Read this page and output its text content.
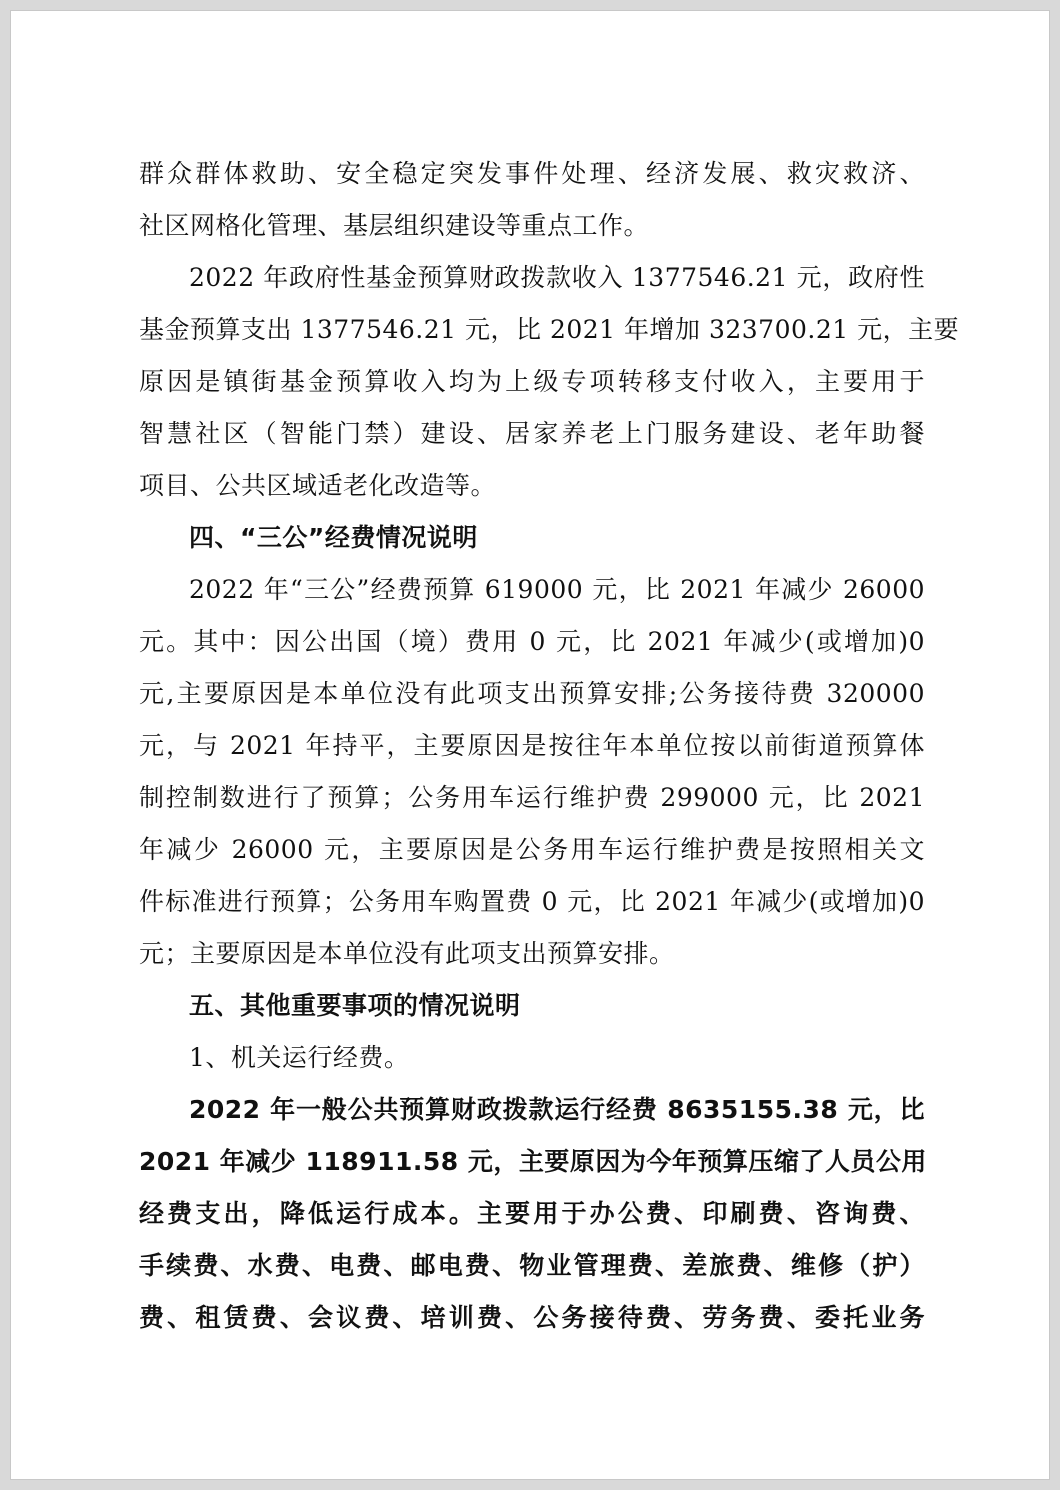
群众群体救助、安全稳定突发事件处理、经济发展、救灾救济、
社区网格化管理、基层组织建设等重点工作。
2022 年政府性基金预算财政拨款收入 1377546.21 元，政府性
基金预算支出 1377546.21 元，比 2021 年增加 323700.21 元，主要
原因是镇街基金预算收入均为上级专项转移支付收入，主要用于
智慧社区（智能门禁）建设、居家养老上门服务建设、老年助餐
项目、公共区域适老化改造等。
四、“三公”经费情况说明
2022 年“三公”经费预算 619000 元，比 2021 年减少 26000
元。其中：因公出国（境）费用 0 元，比 2021 年减少(或增加)0
元,主要原因是本单位没有此项支出预算安排;公务接待费 320000
元，与 2021 年持平，主要原因是按往年本单位按以前街道预算体
制控制数进行了预算；公务用车运行维护费 299000 元，比 2021
年减少 26000 元，主要原因是公务用车运行维护费是按照相关文
件标准进行预算；公务用车购置费 0 元，比 2021 年减少(或增加)0
元；主要原因是本单位没有此项支出预算安排。
五、其他重要事项的情况说明
1、机关运行经费。
2022 年一般公共预算财政拨款运行经费 8635155.38 元，比
2021 年减少 118911.58 元，主要原因为今年预算压缩了人员公用
经费支出，降低运行成本。主要用于办公费、印刷费、咨询费、
手续费、水费、电费、邮电费、物业管理费、差旅费、维修（护）
费、租赁费、会议费、培训费、公务接待费、劳务费、委托业务
